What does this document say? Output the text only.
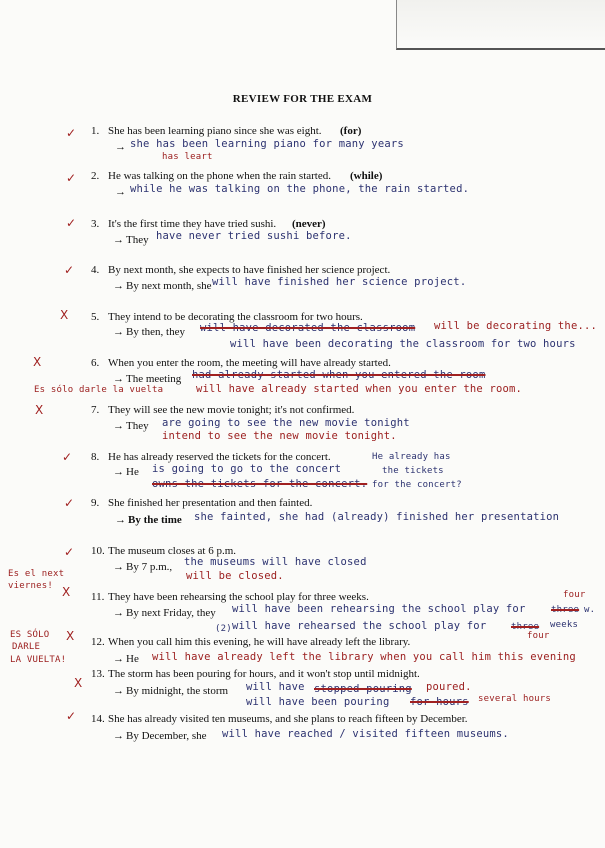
REVIEW FOR THE EXAM
✓ 1. She has been learning piano since she was eight. (for)
→ she has been learning piano for many years
has leart
✓ 2. He was talking on the phone when the rain started. (while)
→ while he was talking on the phone, the rain started.
✓ 3. It's the first time they have tried sushi. (never)
→ They have never tried sushi before.
✓ 4. By next month, she expects to have finished her science project.
→ By next month, she will have finished her science project.
X 5. They intend to be decorating the classroom for two hours.
→ By then, they will have decorated the classroom will be decorating the...
will have been decorating the classroom for two hours
X	6. When you enter the room, the meeting will have already started.
Es sólo darle la vuelta
→ The meeting had already started when you entered the room
will have already started when you enter the room.
X	7. They will see the new movie tonight; it's not confirmed.
→ They are going to see the new movie tonight
intend to see the new movie tonight.
✓ 8. He has already reserved the tickets for the concert.
→ He is going to go to the concert
owns the tickets for the concert.
He already has
the tickets
for the concert?
✓ 9. She finished her presentation and then fainted.
→ By the time she fainted, she had (already) finished her presentation
✓ 10. The museum closes at 6 p.m.
→ By 7 p.m., the museums will have closed
will be closed.
Es el next
viernes! X 11. They have been rehearsing the school play for three weeks.
→ By next Friday, they will have been rehearsing the school play for	three w.
four
(2) will have rehearsed the school play for	three weeks
four
ES SÓLO
DARLE
LA VUELTA!
X 12. When you call him this evening, he will have already left the library.
→ He will have already left the library when you call him this evening
X
13. The storm has been pouring for hours, and it won't stop until midnight.
→ By midnight, the storm will have stopped pouring poured.
will have been pouring for hours several hours
✓ 14. She has already visited ten museums, and she plans to reach fifteen by December.
→ By December, she will have reached / visited fifteen museums.
